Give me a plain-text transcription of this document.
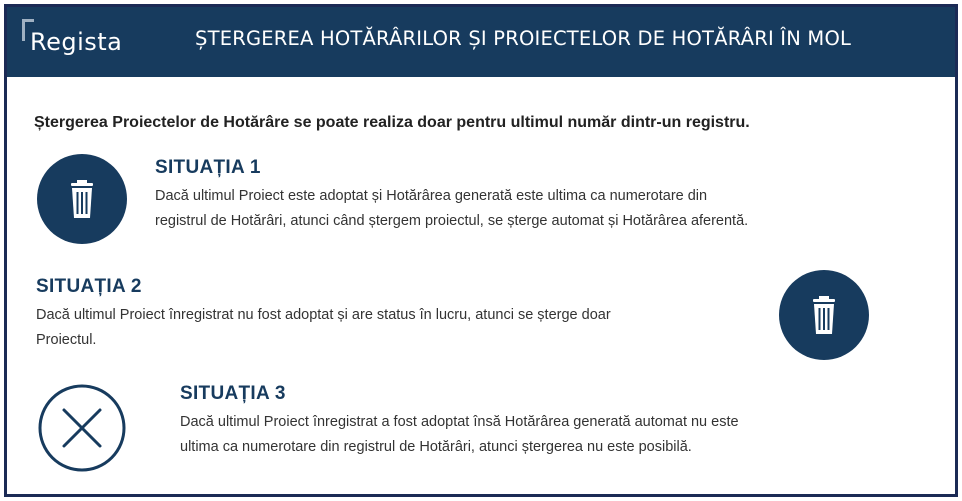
Regista	ȘTERGEREA HOTĂRÂRILOR ȘI PROIECTELOR DE HOTĂRÂRI ÎN MOL
Ștergerea Proiectelor de Hotărâre se poate realiza doar pentru ultimul număr dintr-un registru.
SITUAȚIA 1
Dacă ultimul Proiect este adoptat și Hotărârea generată este ultima ca numerotare din
registrul de Hotărâri, atunci când ștergem proiectul, se șterge automat și Hotărârea aferentă.
SITUAȚIA 2
Dacă ultimul Proiect înregistrat nu fost adoptat și are status în lucru, atunci se șterge doar
Proiectul.
SITUAȚIA 3
Dacă ultimul Proiect înregistrat a fost adoptat însă Hotărârea generată automat nu este
ultima ca numerotare din registrul de Hotărâri, atunci ștergerea nu este posibilă.
